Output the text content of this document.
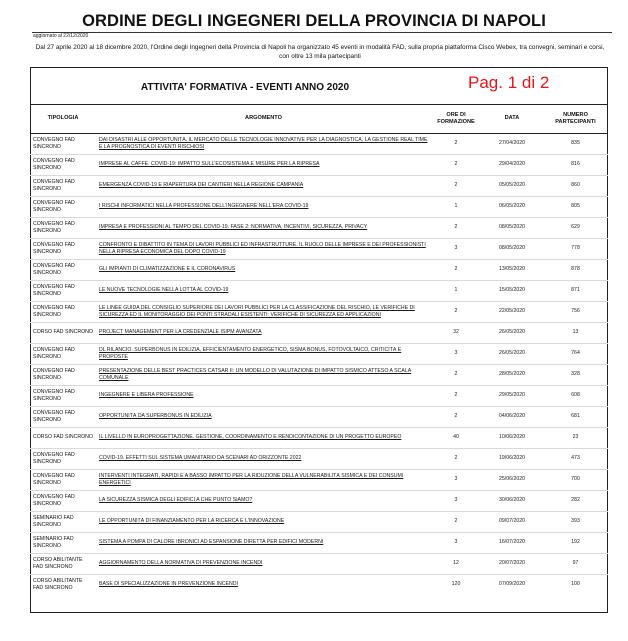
ORDINE DEGLI INGEGNERI DELLA PROVINCIA DI NAPOLI
aggiornato al 22/12/2020
Dal 27 aprile 2020 al 18 dicembre 2020, l'Ordine degli Ingegneri della Provincia di Napoli ha organizzato 45 eventi in modalità FAD, sulla propria piattaforma Cisco Webex, tra convegni, seminari e corsi, con oltre 13 mila partecipanti
ATTIVITA' FORMATIVA - EVENTI ANNO 2020	Pag. 1 di 2
TIPOLOGIA	ARGOMENTO	ORE DI FORMAZIONE	DATA	NUMERO PARTECIPANTI
CONVEGNO FAD SINCRONO	DAI DISASTRI ALLE OPPORTUNITÀ. IL MERCATO DELLE TECNOLOGIE INNOVATIVE PER LA DIAGNOSTICA, LA GESTIONE REAL TIME E LA PROGNOSTICA DI EVENTI RISCHIOSI	2	27/04/2020	835
CONVEGNO FAD SINCRONO	IMPRESE AL CAFFE. COVID-19: IMPATTO SULL'ECOSISTEMA E MISURE PER LA RIPRESA	2	29/04/2020	816
CONVEGNO FAD SINCRONO	EMERGENZA COVID-19 E RIAPERTURA DEI CANTIERI NELLA REGIONE CAMPANIA	2	05/05/2020	860
CONVEGNO FAD SINCRONO	I RISCHI INFORMATICI NELLA PROFESSIONE DELL'INGEGNERE NELL'ERA COVID-19	1	06/05/2020	805
CONVEGNO FAD SINCRONO	IMPRESA E PROFESSIONI AL TEMPO DEL COVID-19. FASE 2: NORMATIVA, INCENTIVI, SICUREZZA, PRIVACY	2	08/05/2020	629
CONVEGNO FAD SINCRONO	CONFRONTO E DIBATTITO IN TEMA DI LAVORI PUBBLICI ED INFRASTRUTTURE. IL RUOLO DELLE IMPRESE E DEI PROFESSIONISTI NELLA RIPRESA ECONOMICA DEL DOPO COVID-19	3	08/05/2020	778
CONVEGNO FAD SINCRONO	GLI IMPIANTI DI CLIMATIZZAZIONE E IL CORONAVIRUS	2	13/05/2020	878
CONVEGNO FAD SINCRONO	LE NUOVE TECNOLOGIE NELLA LOTTA AL COVID-19	1	15/05/2020	871
CONVEGNO FAD SINCRONO	LE LINEE GUIDA DEL CONSIGLIO SUPERIORE DEI LAVORI PUBBLICI PER LA CLASSIFICAZIONE DEL RISCHIO, LE VERIFICHE DI SICUREZZA ED IL MONITORAGGIO DEI PONTI STRADALI ESISTENTI: VERIFICHE DI SICUREZZA ED APPLICAZIONI	2	22/05/2020	756
CORSO FAD SINCRONO	PROJECT MANAGEMENT PER LA CREDENZIALE ISIPM AVANZATA	32	26/05/2020	13
CONVEGNO FAD SINCRONO	DL RILANCIO. SUPERBONUS IN EDILIZIA, EFFICIENTAMENTO ENERGETICO, SISMA BONUS, FOTOVOLTAICO, CRITICITÀ E PROPOSTE	3	26/05/2020	764
CONVEGNO FAD SINCRONO	PRESENTAZIONE DELLE BEST PRACTICES CATSAR II: UN MODELLO DI VALUTAZIONE DI IMPATTO SISMICO ATTESO A SCALA COMUNALE	2	28/05/2020	328
CONVEGNO FAD SINCRONO	INGEGNERE E LIBERA PROFESSIONE	2	29/05/2020	608
CONVEGNO FAD SINCRONO	OPPORTUNITÀ DA SUPERBONUS IN EDILIZIA	2	04/06/2020	681
CORSO FAD SINCRONO	IL LIVELLO IN EUROPROGETTAZIONE. GESTIONE, COORDINAMENTO E RENDICONTAZIONE DI UN PROGETTO EUROPEO	40	10/06/2020	23
CONVEGNO FAD SINCRONO	COVID-19. EFFETTI SUL SISTEMA UMANITARIO DA SCENARI AD ORIZZONTE 2022	2	19/06/2020	473
CONVEGNO FAD SINCRONO	INTERVENTI INTEGRATI, RAPIDI E A BASSO IMPATTO PER LA RIDUZIONE DELLA VULNERABILITÀ SISMICA E DEI CONSUMI ENERGETICI	3	25/06/2020	700
CONVEGNO FAD SINCRONO	LA SICUREZZA SISMICA DEGLI EDIFICI A CHE PUNTO SIAMO?	3	30/06/2020	282
SEMINARIO FAD SINCRONO	LE OPPORTUNITÀ DI FINANZIAMENTO PER LA RICERCA E L'INNOVAZIONE	2	09/07/2020	393
SEMINARIO FAD SINCRONO	SISTEMA A POMPA DI CALORE IBRONICI AD ESPANSIONE DIRETTA PER EDIFICI MODERNI	3	16/07/2020	192
CORSO ABILITANTE FAD SINCRONO	AGGIORNAMENTO DELLA NORMATIVA DI PREVENZIONE INCENDI	12	20/07/2020	97
CORSO ABILITANTE FAD SINCRONO	BASE DI SPECIALIZZAZIONE IN PREVENZIONE INCENDI	120	07/09/2020	100
